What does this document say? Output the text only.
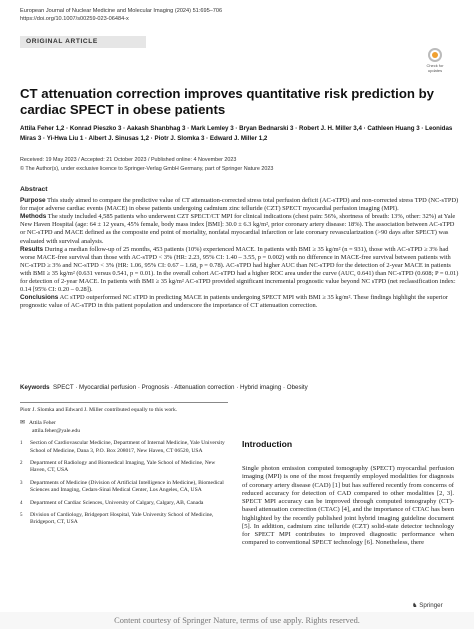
European Journal of Nuclear Medicine and Molecular Imaging (2024) 51:695–706
https://doi.org/10.1007/s00259-023-06484-x
ORIGINAL ARTICLE
Check for updates
CT attenuation correction improves quantitative risk prediction by cardiac SPECT in obese patients
Attila Feher 1,2 · Konrad Pieszko 3 · Aakash Shanbhag 3 · Mark Lemley 3 · Bryan Bednarski 3 · Robert J. H. Miller 3,4 · Cathleen Huang 3 · Leonidas Miras 3 · Yi-Hwa Liu 1 · Albert J. Sinusas 1,2 · Piotr J. Slomka 3 · Edward J. Miller 1,2
Received: 19 May 2023 / Accepted: 21 October 2023 / Published online: 4 November 2023
© The Author(s), under exclusive licence to Springer-Verlag GmbH Germany, part of Springer Nature 2023
Abstract

Purpose This study aimed to compare the predictive value of CT attenuation-corrected stress total perfusion deficit (AC-sTPD) and non-corrected stress TPD (NC-sTPD) for major adverse cardiac events (MACE) in obese patients undergoing cadmium zinc telluride (CZT) SPECT myocardial perfusion imaging (MPI).

Methods The study included 4,585 patients who underwent CZT SPECT/CT MPI for clinical indications (chest pain: 56%, shortness of breath: 13%, other: 32%) at Yale New Haven Hospital (age: 64 ± 12 years, 45% female, body mass index [BMI]: 30.0 ± 6.3 kg/m², prior coronary artery disease: 18%). The association between AC-sTPD or NC-sTPD and MACE defined as the composite end point of mortality, nonfatal myocardial infarction or late coronary revascularization (>90 days after SPECT) was evaluated with survival analysis.

Results During a median follow-up of 25 months, 453 patients (10%) experienced MACE. In patients with BMI ≥ 35 kg/m² (n = 931), those with AC-sTPD ≥ 3% had worse MACE-free survival than those with AC-sTPD < 3% (HR: 2.23, 95% CI: 1.40 – 3.55, p = 0.002) with no difference in MACE-free survival between patients with NC-sTPD ≥ 3% and NC-sTPD < 3% (HR: 1.06, 95% CI: 0.67 – 1.68, p = 0.78). AC-sTPD had higher AUC than NC-sTPD for the detection of 2-year MACE in patients with BMI ≥ 35 kg/m² (0.631 versus 0.541, p = 0.01). In the overall cohort AC-sTPD had a higher ROC area under the curve (AUC, 0.641) than NC-sTPD (0.608; P = 0.01) for detection of 2-year MACE. In patients with BMI ≥ 35 kg/m² AC-sTPD provided significant incremental prognostic value beyond NC sTPD (net reclassification index: 0.14 [95% CI: 0.20 – 0.28]).

Conclusions AC sTPD outperformed NC sTPD in predicting MACE in patients undergoing SPECT MPI with BMI ≥ 35 kg/m². These findings highlight the superior prognostic value of AC-sTPD in this patient population and underscore the importance of CT attenuation correction.

Keywords SPECT · Myocardial perfusion · Prognosis · Attenuation correction · Hybrid imaging · Obesity
Piotr J. Slomka and Edward J. Miller contributed equally to this work.
✉ Attila Feher
attila.feher@yale.edu
1	Section of Cardiovascular Medicine, Department of Internal Medicine, Yale University School of Medicine, Dana 3, P.O. Box 208017, New Haven, CT 06520, USA
2	Department of Radiology and Biomedical Imaging, Yale School of Medicine, New Haven, CT, USA
3	Departments of Medicine (Division of Artificial Intelligence in Medicine), Biomedical Sciences and Imaging, Cedars-Sinai Medical Center, Los Angeles, CA, USA
4	Department of Cardiac Sciences, University of Calgary, Calgary, AB, Canada
5	Division of Cardiology, Bridgeport Hospital, Yale University School of Medicine, Bridgeport, CT, USA
Introduction
Single photon emission computed tomography (SPECT) myocardial perfusion imaging (MPI) is one of the most frequently employed modalities for diagnosis of coronary artery disease (CAD) [1] but has suffered recently from concerns of reduced accuracy for detection of CAD compared to other modalities [2, 3]. SPECT MPI accuracy can be improved through computed tomography (CT)-based attenuation correction (CTAC) [4], and the importance of CTAC has been highlighted by the recently published joint hybrid imaging guideline document [5]. In addition, cadmium zinc telluride (CZT) solid-state detector technology for SPECT MPI contributes to improved diagnostic performance when compared to conventional SPECT technology [6]. Nonetheless, there
♞ Springer
Content courtesy of Springer Nature, terms of use apply. Rights reserved.
